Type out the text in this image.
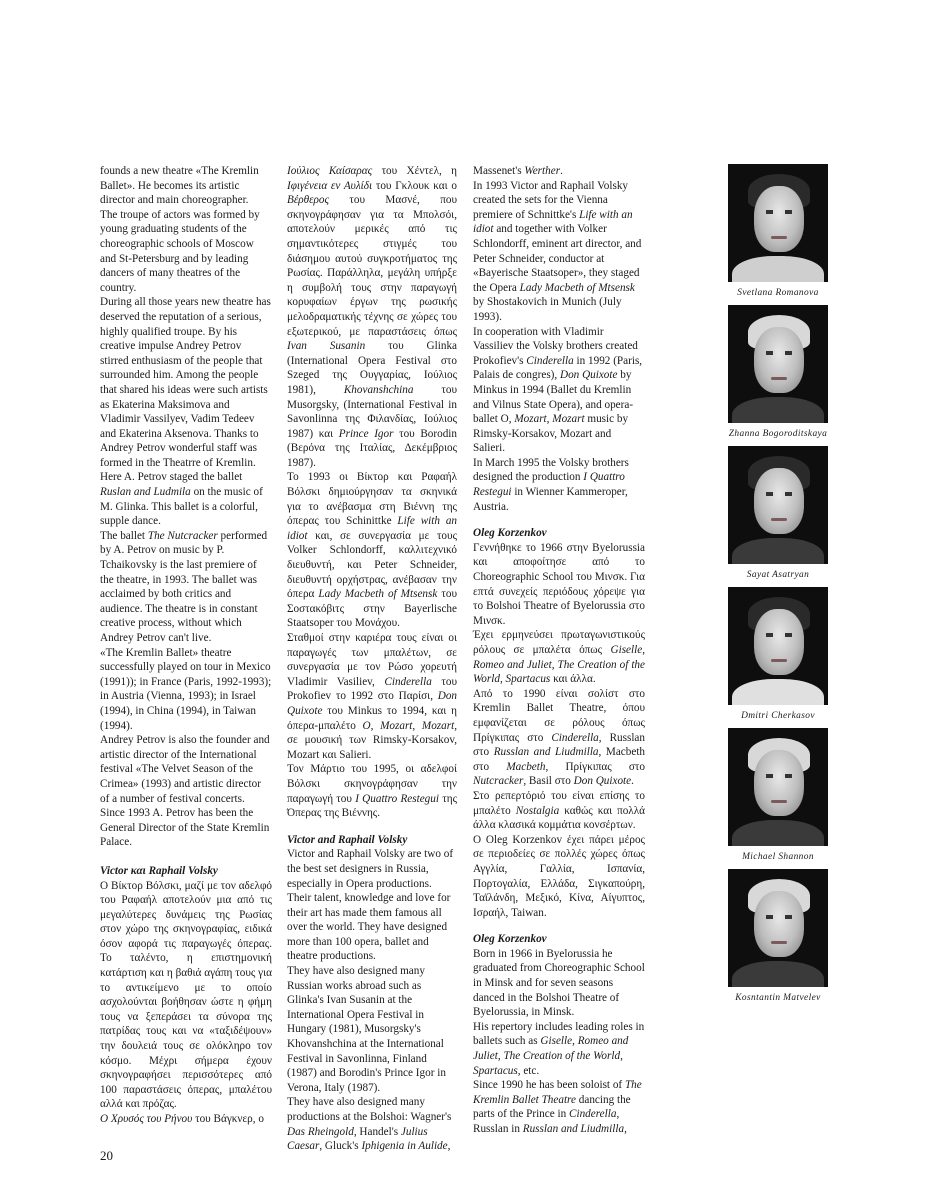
founds a new theatre «The Kremlin Ballet». He becomes its artistic director and main choreographer.

The troupe of actors was formed by young graduating students of the choreographic schools of Moscow and St-Petersburg and by leading dancers of many theatres of the country.

During all those years new theatre has deserved the reputation of a serious, highly qualified troupe. By his creative impulse Andrey Petrov stirred enthusiasm of the people that surrounded him. Among the people that shared his ideas were such artists as Ekaterina Maksimova and Vladimir Vassilyev, Vadim Tedeev and Ekaterina Aksenova. Thanks to Andrey Petrov wonderful staff was formed in the Theatrre of Kremlin.

Here A. Petrov staged the ballet Ruslan and Ludmila on the music of M. Glinka. This ballet is a colorful, supple dance.

The ballet The Nutcracker performed by A. Petrov on music by P. Tchaikovsky is the last premiere of the theatre, in 1993. The ballet was acclaimed by both critics and audience. The theatre is in constant creative process, without which Andrey Petrov can't live.

«The Kremlin Ballet» theatre successfully played on tour in Mexico (1991)); in France (Paris, 1992-1993); in Austria (Vienna, 1993); in Israel (1994), in China (1994), in Taiwan (1994).

Andrey Petrov is also the founder and artistic director of the International festival «The Velvet Season of the Crimea» (1993) and artistic director of a number of festival concerts.

Since 1993 A. Petrov has been the General Director of the State Kremlin Palace.

Victor και Raphail Volsky

Ο Βίκτορ Βόλσκι, μαζί με τον αδελφό του Ραφαήλ αποτελούν μια από τις μεγαλύτερες δυνάμεις της Ρωσίας στον χώρο της σκηνογραφίας, ειδικά όσον αφορά τις παραγωγές όπερας. Το ταλέντο, η επιστημονική κατάρτιση και η βαθιά αγάπη τους για το αντικείμενο με το οποίο ασχολούνται βοήθησαν ώστε η φήμη τους να ξεπεράσει τα σύνορα της πατρίδας τους και να «ταξιδέψουν» την δουλειά τους σε ολόκληρο τον κόσμο. Μέχρι σήμερα έχουν σκηνογραφήσει περισσότερες από 100 παραστάσεις όπερας, μπαλέτου αλλά και πρόζας.

Ο Χρυσός του Ρήνου του Βάγκνερ, ο

Ιούλιος Καίσαρας του Χέντελ, η Ιφιγένεια εν Αυλίδι του Γκλουκ και ο Βέρθερος του Μασνέ, που σκηνογράφησαν για τα Μπολσόι, αποτελούν μερικές από τις σημαντικότερες στιγμές του διάσημου αυτού συγκροτήματος της Ρωσίας. Παράλληλα, μεγάλη υπήρξε η συμβολή τους στην παραγωγή κορυφαίων έργων της ρωσικής μελοδραματικής τέχνης σε χώρες του εξωτερικού, με παραστάσεις όπως Ivan Susanin του Glinka (International Opera Festival στο Szeged της Ουγγαρίας, Ιούλιος 1981), Khovanshchina του Musorgsky, (International Festival in Savonlinna της Φιλανδίας, Ιούλιος 1987) και Prince Igor του Borodin (Βερόνα της Ιταλίας, Δεκέμβριος 1987).

Το 1993 οι Βίκτορ και Ραφαήλ Βόλσκι δημιούργησαν τα σκηνικά για το ανέβασμα στη Βιέννη της όπερας του Schinittke Life with an idiot και, σε συνεργασία με τους Volker Schlondorff, καλλιτεχνικό διευθυντή, και Peter Schneider, διευθυντή ορχήστρας, ανέβασαν την όπερα Lady Macbeth of Mtsensk του Σοστακόβιτς στην Bayerlische Staatsoper του Μονάχου.

Σταθμοί στην καριέρα τους είναι οι παραγωγές των μπαλέτων, σε συνεργασία με τον Ρώσο χορευτή Vladimir Vasiliev, Cinderella του Prokofiev το 1992 στο Παρίσι, Don Quixote του Minkus το 1994, και η όπερα-μπαλέτο O, Mozart, Mozart, σε μουσική των Rimsky-Korsakov, Mozart και Salieri.

Τον Μάρτιο του 1995, οι αδελφοί Βόλσκι σκηνογράφησαν την παραγωγή του I Quattro Restegui της Όπερας της Βιέννης.

Victor and Raphail Volsky

Victor and Raphail Volsky are two of the best set designers in Russia, especially in Opera productions. Their talent, knowledge and love for their art has made them famous all over the world. They have designed more than 100 opera, ballet and theatre productions.

They have also designed many Russian works abroad such as Glinka's Ivan Susanin at the International Opera Festival in Hungary (1981), Musorgsky's Khovanshchina at the International Festival in Savonlinna, Finland (1987) and Borodin's Prince Igor in Verona, Italy (1987).

They have also designed many productions at the Bolshoi: Wagner's Das Rheingold, Handel's Julius Caesar, Gluck's Iphigenia in Aulide,

Massenet's Werther.

In 1993 Victor and Raphail Volsky created the sets for the Vienna premiere of Schnittke's Life with an idiot and together with Volker Schlondorff, eminent art director, and Peter Schneider, conductor at «Bayerische Staatsoper», they staged the Opera Lady Macbeth of Mtsensk by Shostakovich in Munich (July 1993).

In cooperation with Vladimir Vassiliev the Volsky brothers created Prokofiev's Cinderella in 1992 (Paris, Palais de congres), Don Quixote by Minkus in 1994 (Ballet du Kremlin and Vilnus State Opera), and opera-ballet O, Mozart, Mozart music by Rimsky-Korsakov, Mozart and Salieri.

In March 1995 the Volsky brothers designed the production I Quattro Restegui in Wienner Kammeroper, Austria.

Oleg Korzenkov

Γεννήθηκε το 1966 στην Byelorussia και αποφοίτησε από το Choreographic School του Μινσκ. Για επτά συνεχείς περιόδους χόρεψε για το Bolshoi Theatre of Byelorussia στο Μινσκ.

Έχει ερμηνεύσει πρωταγωνιστικούς ρόλους σε μπαλέτα όπως Giselle, Romeo and Juliet, The Creation of the World, Spartacus και άλλα.

Από το 1990 είναι σολίστ στο Kremlin Ballet Theatre, όπου εμφανίζεται σε ρόλους όπως Πρίγκιπας στο Cinderella, Russlan στο Russlan and Liudmilla, Macbeth στο Macbeth, Πρίγκιπας στο Nutcracker, Basil στο Don Quixote.

Στο ρεπερτόριό του είναι επίσης το μπαλέτο Nostalgia καθώς και πολλά άλλα κλασικά κομμάτια κονσέρτων.

Ο Oleg Korzenkov έχει πάρει μέρος σε περιοδείες σε πολλές χώρες όπως Αγγλία, Γαλλία, Ισπανία, Πορτογαλία, Ελλάδα, Σιγκαπούρη, Ταϊλάνδη, Μεξικό, Κίνα, Αίγυπτος, Ισραήλ, Taiwan.

Oleg Korzenkov

Born in 1966 in Byelorussia he graduated from Choreographic School in Minsk and for seven seasons danced in the Bolshoi Theatre of Byelorussia, in Minsk.

His repertory includes leading roles in ballets such as Giselle, Romeo and Juliet, The Creation of the World, Spartacus, etc.

Since 1990 he has been soloist of The Kremlin Ballet Theatre dancing the parts of the Prince in Cinderella, Russlan in Russlan and Liudmilla,

Svetlana Romanova
Zhanna Bogoroditskaya
Sayat Asatryan
Dmitri Cherkasov
Michael Shannon
Kosntantin Matvelev
20
